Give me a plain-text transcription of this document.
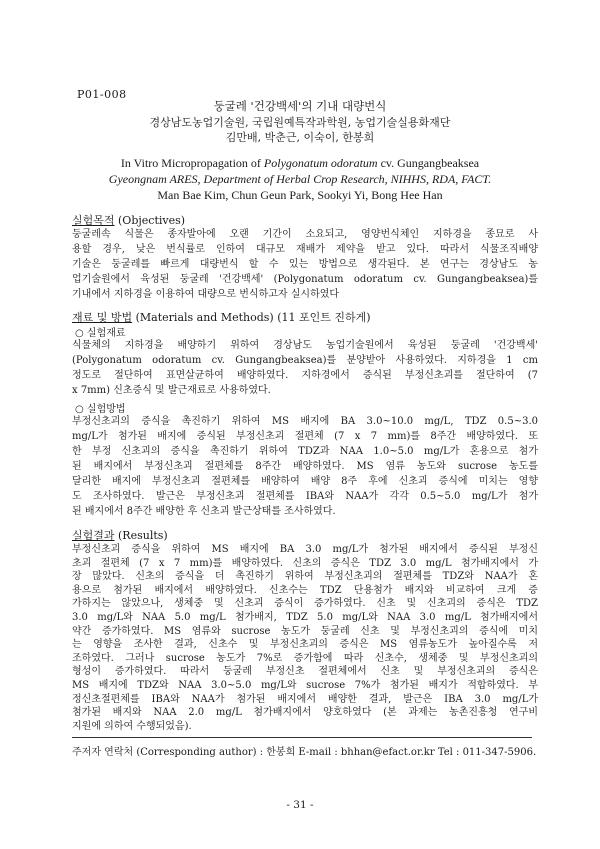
P01-008
둥굴레 '건강백세'의 기내 대량번식
경상남도농업기술원, 국립원예특작과학원, 농업기술실용화재단
김만배, 박춘근, 이숙이, 한봉희
In Vitro Micropropagation of Polygonatum odoratum cv. Gungangbeaksea
Gyeongnam ARES, Department of Herbal Crop Research, NIHHS, RDA, FACT.
Man Bae Kim, Chun Geun Park, Sookyi Yi, Bong Hee Han
실험목적 (Objectives)
둥굴레속 식물은 종자발아에 오랜 기간이 소요되고, 영양번식체인 지하경을 종묘로 사
용할 경우, 낮은 번식률로 인하여 대규모 재배가 제약을 받고 있다. 따라서 식물조직배양
기술은 둥굴레를 빠르게 대량번식 할 수 있는 방법으로 생각된다. 본 연구는 경상남도 농
업기술원에서 육성된 둥굴레 '건강백세' (Polygonatum odoratum cv. Gungangbeaksea)를
기내에서 지하경을 이용하여 대량으로 번식하고자 실시하였다
재료 및 방법 (Materials and Methods) (11 포인트 진하게)
○ 실험재료
식물체의 지하경을 배양하기 위하여 경상남도 농업기술원에서 육성된 둥굴레 '건강백세'
(Polygonatum odoratum cv. Gungangbeaksea)를 분양받아 사용하였다. 지하경을 1 cm
정도로 절단하여 표면살균하여 배양하였다. 지하경에서 증식된 부정신초괴를 절단하여 (7
x 7mm) 신초증식 및 발근재료로 사용하였다.
○ 실험방법
부정신초괴의 증식을 촉진하기 위하여 MS 배지에 BA 3.0~10.0 mg/L, TDZ 0.5~3.0
mg/L가 첨가된 배지에 증식된 부정신초괴 절편체 (7 x 7 mm)를 8주간 배양하였다. 또
한 부정 신초괴의 증식을 촉진하기 위하여 TDZ과 NAA 1.0~5.0 mg/L가 혼용으로 첨가
된 배지에서 부정신초괴 절편체를 8주간 배양하였다. MS 염류 농도와 sucrose 농도를
달리한 배지에 부정신초괴 절편체를 배양하여 배양 8주 후에 신초괴 증식에 미치는 영향
도 조사하였다. 발근은 부정신초괴 절편체를 IBA와 NAA가 각각 0.5~5.0 mg/L가 첨가
된 배지에서 8주간 배양한 후 신초괴 발근상태를 조사하였다.
실험결과 (Results)
부정신초괴 증식을 위하여 MS 배지에 BA 3.0 mg/L가 첨가된 배지에서 증식된 부정신
초괴 절편체 (7 x 7 mm)를 배양하였다. 신초의 증식은 TDZ 3.0 mg/L 첨가배지에서 가
장 많았다. 신초의 증식을 더 촉진하기 위하여 부정신초괴의 절편체를 TDZ와 NAA가 혼
용으로 첨가된 배지에서 배양하였다. 신초수는 TDZ 단용첨가 배지와 비교하여 크게 증
가하지는 않았으나, 생체중 및 신초괴 증식이 증가하였다. 신초 및 신초괴의 증식은 TDZ
3.0 mg/L와 NAA 5.0 mg/L 첨가배지, TDZ 5.0 mg/L와 NAA 3.0 mg/L 첨가배지에서
약간 증가하였다. MS 염류와 sucrose 농도가 둥굴레 신초 및 부정신초괴의 증식에 미치
는 영향을 조사한 결과, 신초수 및 부정신초괴의 증식은 MS 염류농도가 높아질수록 저
조하였다. 그러나 sucrose 농도가 7%로 증가함에 따라 신초수, 생체중 및 부정신초괴의
형성이 증가하였다. 따라서 둥굴레 부정신초 절편체에서 신초 및 부정신초괴의 증식은
MS 배지에 TDZ와 NAA 3.0~5.0 mg/L와 sucrose 7%가 첨가된 배지가 적합하였다. 부
정신초절편체를 IBA와 NAA가 첨가된 배지에서 배양한 결과, 발근은 IBA 3.0 mg/L가
첨가된 배지와 NAA 2.0 mg/L 첨가배지에서 양호하였다 (본 과제는 농촌진흥청 연구비
지원에 의하여 수행되었음).
주저자 연락처 (Corresponding author) : 한봉희 E-mail : bhhan@efact.or.kr Tel : 011-347-5906.
- 31 -
